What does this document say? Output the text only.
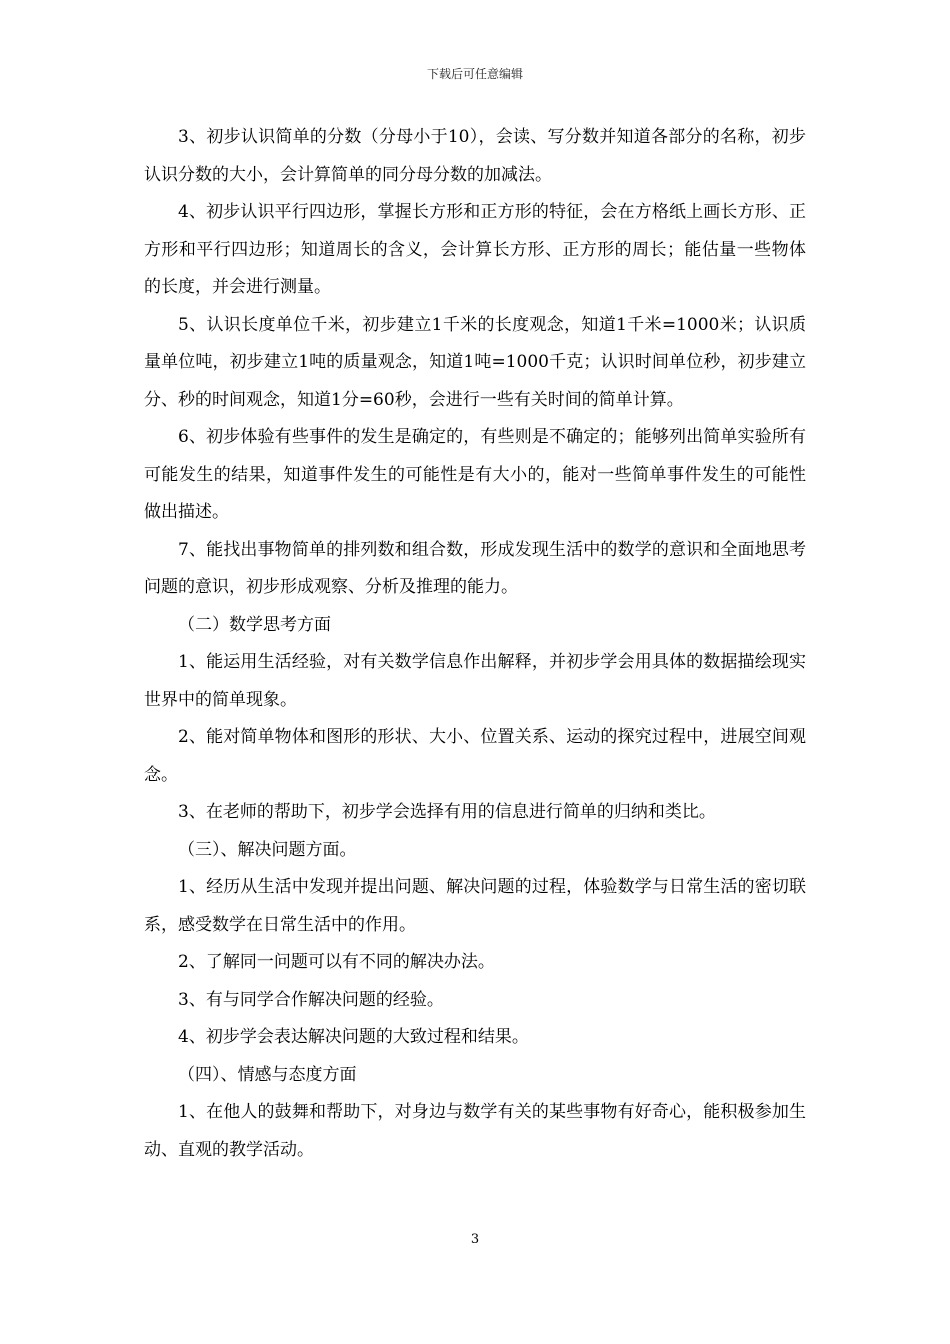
下载后可任意编辑

3、初步认识简单的分数（分母小于10），会读、写分数并知道各部分的名称，初步认识分数的大小，会计算简单的同分母分数的加减法。

4、初步认识平行四边形，掌握长方形和正方形的特征，会在方格纸上画长方形、正方形和平行四边形；知道周长的含义，会计算长方形、正方形的周长；能估量一些物体的长度，并会进行测量。

5、认识长度单位千米，初步建立1千米的长度观念，知道1千米=1000米；认识质量单位吨，初步建立1吨的质量观念，知道1吨=1000千克；认识时间单位秒，初步建立分、秒的时间观念，知道1分=60秒，会进行一些有关时间的简单计算。

6、初步体验有些事件的发生是确定的，有些则是不确定的；能够列出简单实验所有可能发生的结果，知道事件发生的可能性是有大小的，能对一些简单事件发生的可能性做出描述。

7、能找出事物简单的排列数和组合数，形成发现生活中的数学的意识和全面地思考问题的意识，初步形成观察、分析及推理的能力。

（二）数学思考方面

1、能运用生活经验，对有关数学信息作出解释，并初步学会用具体的数据描绘现实世界中的简单现象。

2、能对简单物体和图形的形状、大小、位置关系、运动的探究过程中，进展空间观念。

3、在老师的帮助下，初步学会选择有用的信息进行简单的归纳和类比。

（三）、解决问题方面。

1、经历从生活中发现并提出问题、解决问题的过程，体验数学与日常生活的密切联系，感受数学在日常生活中的作用。

2、了解同一问题可以有不同的解决办法。

3、有与同学合作解决问题的经验。

4、初步学会表达解决问题的大致过程和结果。

（四）、情感与态度方面

1、在他人的鼓舞和帮助下，对身边与数学有关的某些事物有好奇心，能积极参加生动、直观的教学活动。

3
